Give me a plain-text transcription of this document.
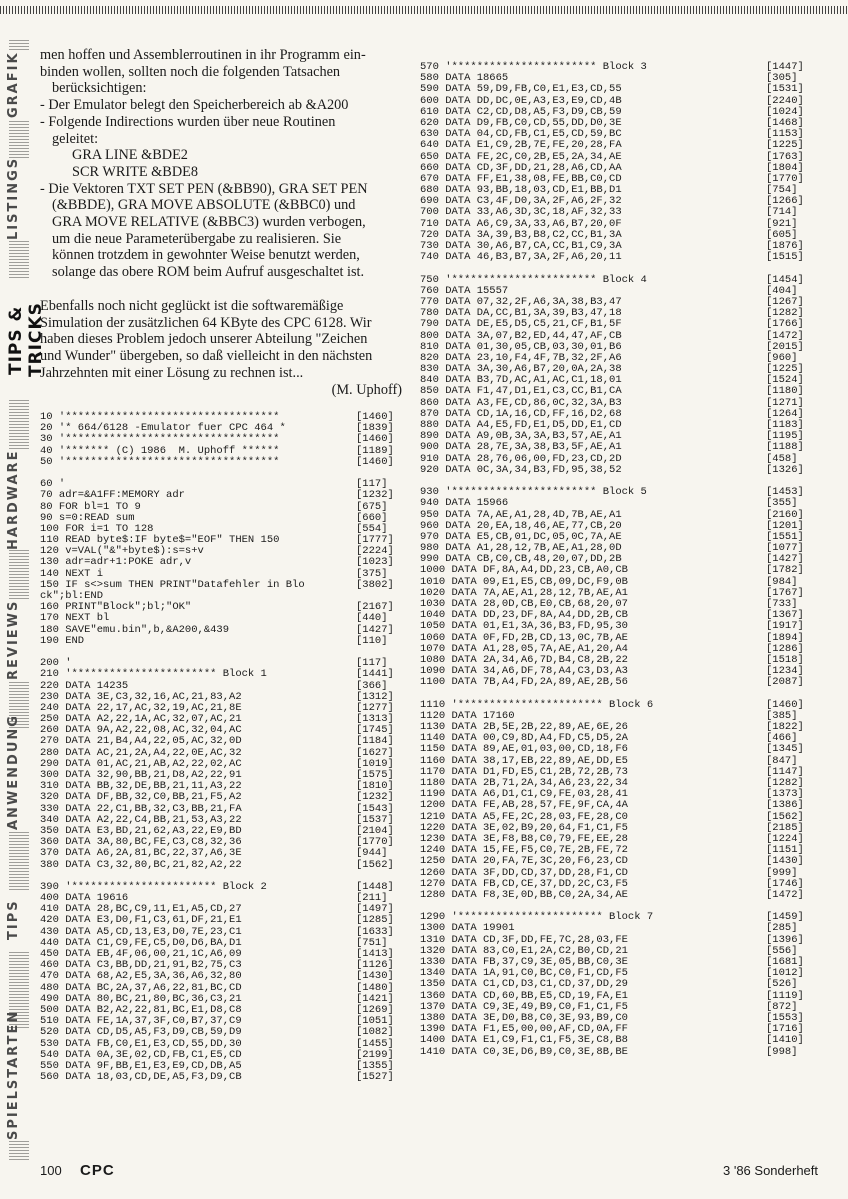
SPIELSTARTEN
TIPS
ANWENDUNG
REVIEWS
HARDWARE
TIPS & TRICKS
LISTINGS
GRAFIK	men hoffen und Assemblerroutinen in ihr Programm ein-

binden wollen, sollten noch die folgenden Tatsachen

berücksichtigen:

- Der Emulator belegt den Speicherbereich ab &A200

- Folgende Indirections wurden über neue Routinen

geleitet:

GRA LINE &BDE2

SCR WRITE &BDE8

- Die Vektoren TXT SET PEN (&BB90), GRA SET PEN

(&BBDE), GRA MOVE ABSOLUTE (&BBC0) und

GRA MOVE RELATIVE (&BBC3) wurden verbogen,

um die neue Parameterübergabe zu realisieren. Sie

können trotzdem in gewohnter Weise benutzt werden,

solange das obere ROM beim Aufruf ausgeschaltet ist.

Ebenfalls noch nicht geglückt ist die softwaremäßige

Simulation der zusätzlichen 64 KByte des CPC 6128. Wir

haben dieses Problem jedoch unserer Abteilung "Zeichen

und Wunder" übergeben, so daß vielleicht in den nächsten

Jahrzehnten mit einer Lösung zu rechnen ist...

(M. Uphoff)

10 '**********************************	[1460]
20 '* 664/6128 -Emulator fuer CPC 464 *	[1839]
30 '**********************************	[1460]
40 '******* (C) 1986  M. Uphoff ******	[1189]
50 '**********************************	[1460]
60 '	[117]
70 adr=&A1FF:MEMORY adr	[1232]
80 FOR bl=1 TO 9	[675]
90 s=0:READ sum	[660]
100 FOR i=1 TO 128	[554]
110 READ byte$:IF byte$="EOF" THEN 150	[1777]
120 v=VAL("&"+byte$):s=s+v	[2224]
130 adr=adr+1:POKE adr,v	[1023]
140 NEXT i	[375]
150 IF s<>sum THEN PRINT"Datafehler in Blo	[3802]
ck";bl:END
160 PRINT"Block";bl;"OK"	[2167]
170 NEXT bl	[440]
180 SAVE"emu.bin",b,&A200,&439	[1427]
190 END	[110]
200 '	[117]
210 '*********************** Block 1	[1441]
220 DATA 14235	[366]
230 DATA 3E,C3,32,16,AC,21,83,A2	[1312]
240 DATA 22,17,AC,32,19,AC,21,8E	[1277]
250 DATA A2,22,1A,AC,32,07,AC,21	[1313]
260 DATA 9A,A2,22,08,AC,32,04,AC	[1745]
270 DATA 21,B4,A4,22,05,AC,32,0D	[1184]
280 DATA AC,21,2A,A4,22,0E,AC,32	[1627]
290 DATA 01,AC,21,AB,A2,22,02,AC	[1019]
300 DATA 32,90,BB,21,D8,A2,22,91	[1575]
310 DATA BB,32,DE,BB,21,11,A3,22	[1810]
320 DATA DF,BB,32,C0,BB,21,F5,A2	[1232]
330 DATA 22,C1,BB,32,C3,BB,21,FA	[1543]
340 DATA A2,22,C4,BB,21,53,A3,22	[1537]
350 DATA E3,BD,21,62,A3,22,E9,BD	[2104]
360 DATA 3A,80,BC,FE,C3,C8,32,36	[1770]
370 DATA A6,2A,81,BC,22,37,A6,3E	[944]
380 DATA C3,32,80,BC,21,82,A2,22	[1562]
390 '*********************** Block 2	[1448]
400 DATA 19616	[211]
410 DATA 28,BC,C9,11,E1,A5,CD,27	[1497]
420 DATA E3,D0,F1,C3,61,DF,21,E1	[1285]
430 DATA A5,CD,13,E3,D0,7E,23,C1	[1633]
440 DATA C1,C9,FE,C5,D0,D6,BA,D1	[751]
450 DATA EB,4F,06,00,21,1C,A6,09	[1413]
460 DATA C3,BB,DD,21,91,B2,75,C3	[1126]
470 DATA 68,A2,E5,3A,36,A6,32,80	[1430]
480 DATA BC,2A,37,A6,22,81,BC,CD	[1480]
490 DATA 80,BC,21,80,BC,36,C3,21	[1421]
500 DATA B2,A2,22,81,BC,E1,D8,C8	[1269]
510 DATA FE,1A,37,3F,C0,B7,37,C9	[1051]
520 DATA CD,D5,A5,F3,D9,CB,59,D9	[1082]
530 DATA FB,C0,E1,E3,CD,55,DD,30	[1455]
540 DATA 0A,3E,02,CD,FB,C1,E5,CD	[2199]
550 DATA 9F,BB,E1,E3,E9,CD,DB,A5	[1355]
560 DATA 18,03,CD,DE,A5,F3,D9,CB	[1527]
570 '*********************** Block 3	[1447]
580 DATA 18665	[305]
590 DATA 59,D9,FB,C0,E1,E3,CD,55	[1531]
600 DATA DD,DC,0E,A3,E3,E9,CD,4B	[2240]
610 DATA C2,CD,D8,A5,F3,D9,CB,59	[1024]
620 DATA D9,FB,C0,CD,55,DD,D0,3E	[1468]
630 DATA 04,CD,FB,C1,E5,CD,59,BC	[1153]
640 DATA E1,C9,2B,7E,FE,20,28,FA	[1225]
650 DATA FE,2C,C0,2B,E5,2A,34,AE	[1763]
660 DATA CD,3F,DD,21,28,A6,CD,AA	[1804]
670 DATA FF,E1,38,08,FE,BB,C0,CD	[1770]
680 DATA 93,BB,18,03,CD,E1,BB,D1	[754]
690 DATA C3,4F,D0,3A,2F,A6,2F,32	[1266]
700 DATA 33,A6,3D,3C,18,AF,32,33	[714]
710 DATA A6,C9,3A,33,A6,B7,20,0F	[921]
720 DATA 3A,39,B3,B8,C2,CC,B1,3A	[605]
730 DATA 30,A6,B7,CA,CC,B1,C9,3A	[1876]
740 DATA 46,B3,B7,3A,2F,A6,20,11	[1515]
750 '*********************** Block 4	[1454]
760 DATA 15557	[404]
770 DATA 07,32,2F,A6,3A,38,B3,47	[1267]
780 DATA DA,CC,B1,3A,39,B3,47,18	[1282]
790 DATA DE,E5,D5,C5,21,CF,B1,5F	[1766]
800 DATA 3A,07,B2,ED,44,47,AF,CB	[1472]
810 DATA 01,30,05,CB,03,30,01,B6	[2015]
820 DATA 23,10,F4,4F,7B,32,2F,A6	[960]
830 DATA 3A,30,A6,B7,20,0A,2A,38	[1225]
840 DATA B3,7D,AC,A1,AC,C1,18,01	[1524]
850 DATA F1,47,D1,E1,C3,CC,B1,CA	[1180]
860 DATA A3,FE,CD,86,0C,32,3A,B3	[1271]
870 DATA CD,1A,16,CD,FF,16,D2,68	[1264]
880 DATA A4,E5,FD,E1,D5,DD,E1,CD	[1183]
890 DATA A9,0B,3A,3A,B3,57,AE,A1	[1195]
900 DATA 28,7E,3A,38,B3,5F,AE,A1	[1188]
910 DATA 28,76,06,00,FD,23,CD,2D	[458]
920 DATA 0C,3A,34,B3,FD,95,38,52	[1326]
930 '*********************** Block 5	[1453]
940 DATA 15966	[355]
950 DATA 7A,AE,A1,28,4D,7B,AE,A1	[2160]
960 DATA 20,EA,18,46,AE,77,CB,20	[1201]
970 DATA E5,CB,01,DC,05,0C,7A,AE	[1551]
980 DATA A1,28,12,7B,AE,A1,28,0D	[1077]
990 DATA CB,C0,CB,48,20,07,DD,2B	[1427]
1000 DATA DF,8A,A4,DD,23,CB,A0,CB	[1782]
1010 DATA 09,E1,E5,CB,09,DC,F9,0B	[984]
1020 DATA 7A,AE,A1,28,12,7B,AE,A1	[1767]
1030 DATA 28,0D,CB,E0,CB,68,20,07	[733]
1040 DATA DD,23,DF,8A,A4,DD,2B,CB	[1367]
1050 DATA 01,E1,3A,36,B3,FD,95,30	[1917]
1060 DATA 0F,FD,2B,CD,13,0C,7B,AE	[1894]
1070 DATA A1,28,05,7A,AE,A1,20,A4	[1286]
1080 DATA 2A,34,A6,7D,B4,C8,2B,22	[1518]
1090 DATA 34,A6,DF,78,A4,C3,D3,A3	[1234]
1100 DATA 7B,A4,FD,2A,89,AE,2B,56	[2087]
1110 '*********************** Block 6	[1460]
1120 DATA 17160	[385]
1130 DATA 2B,5E,2B,22,89,AE,6E,26	[1822]
1140 DATA 00,C9,8D,A4,FD,C5,D5,2A	[466]
1150 DATA 89,AE,01,03,00,CD,18,F6	[1345]
1160 DATA 38,17,EB,22,89,AE,DD,E5	[847]
1170 DATA D1,FD,E5,C1,2B,72,2B,73	[1147]
1180 DATA 2B,71,2A,34,A6,23,22,34	[1282]
1190 DATA A6,D1,C1,C9,FE,03,28,41	[1373]
1200 DATA FE,AB,28,57,FE,9F,CA,4A	[1386]
1210 DATA A5,FE,2C,28,03,FE,28,C0	[1562]
1220 DATA 3E,02,B9,20,64,F1,C1,F5	[2185]
1230 DATA 3E,F8,B8,C0,79,FE,EE,28	[1224]
1240 DATA 15,FE,F5,C0,7E,2B,FE,72	[1151]
1250 DATA 20,FA,7E,3C,20,F6,23,CD	[1430]
1260 DATA 3F,DD,CD,37,DD,28,F1,CD	[999]
1270 DATA FB,CD,CE,37,DD,2C,C3,F5	[1746]
1280 DATA F8,3E,0D,BB,C0,2A,34,AE	[1472]
1290 '*********************** Block 7	[1459]
1300 DATA 19901	[285]
1310 DATA CD,3F,DD,FE,7C,28,03,FE	[1396]
1320 DATA 83,C0,E1,2A,C2,B0,CD,21	[556]
1330 DATA FB,37,C9,3E,05,BB,C0,3E	[1681]
1340 DATA 1A,91,C0,BC,C0,F1,CD,F5	[1012]
1350 DATA C1,CD,D3,C1,CD,37,DD,29	[526]
1360 DATA CD,60,BB,E5,CD,19,FA,E1	[1119]
1370 DATA C9,3E,49,B9,C0,F1,C1,F5	[872]
1380 DATA 3E,D0,B8,C0,3E,93,B9,C0	[1553]
1390 DATA F1,E5,00,00,AF,CD,0A,FF	[1716]
1400 DATA E1,C9,F1,C1,F5,3E,C8,B8	[1410]
1410 DATA C0,3E,D6,B9,C0,3E,8B,BE	[998]
100 CPC	3 '86 Sonderheft
